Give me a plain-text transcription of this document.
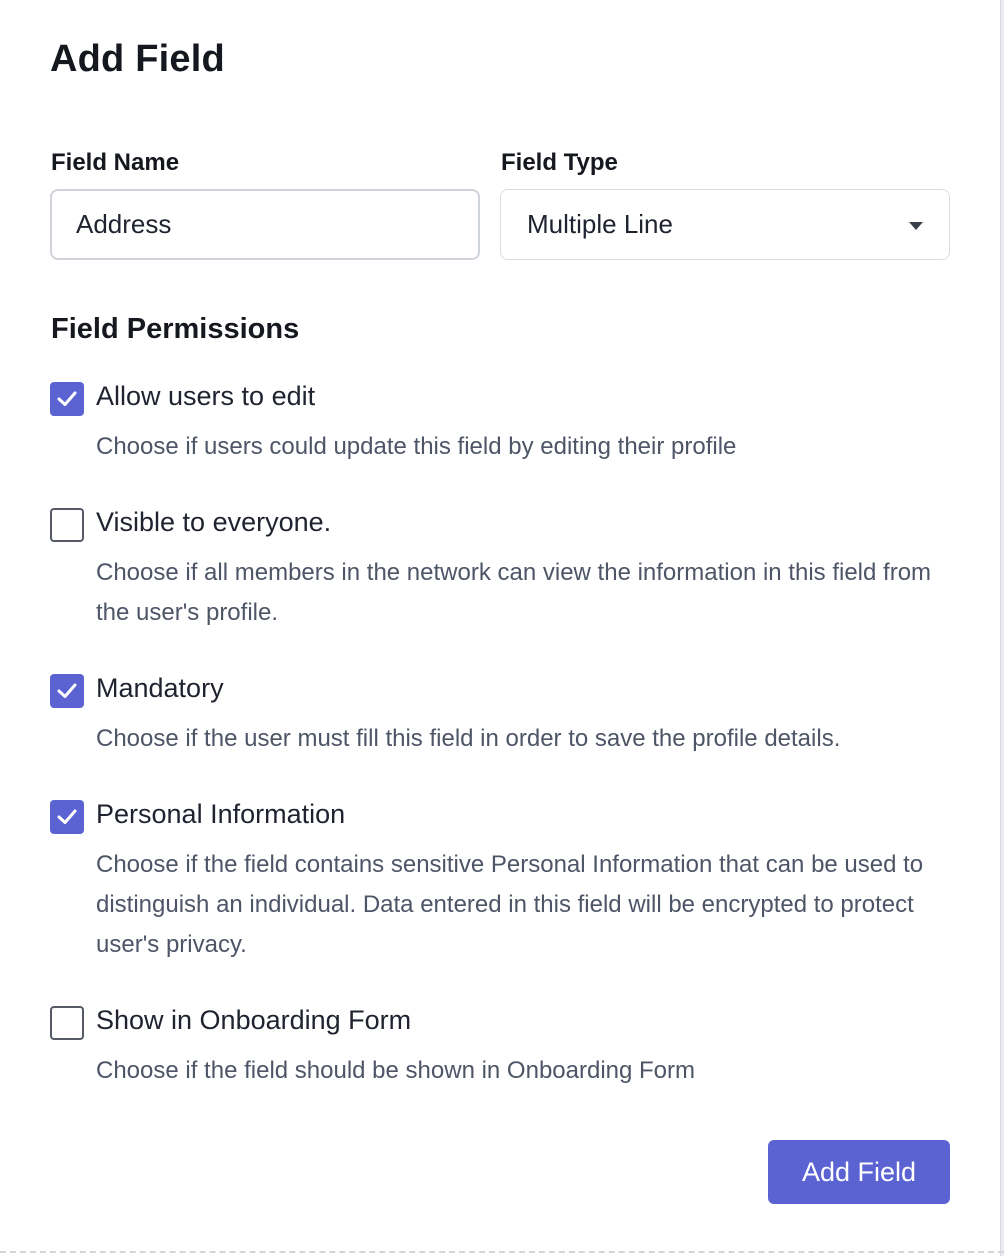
Add Field
Field Name	Field Type
Address
Multiple Line
Field Permissions
Allow users to edit
Choose if users could update this field by editing their profile
Visible to everyone.
Choose if all members in the network can view the information in this field from the user's profile.
Mandatory
Choose if the user must fill this field in order to save the profile details.
Personal Information
Choose if the field contains sensitive Personal Information that can be used to distinguish an individual. Data entered in this field will be encrypted to protect user's privacy.
Show in Onboarding Form
Choose if the field should be shown in Onboarding Form
Add Field
